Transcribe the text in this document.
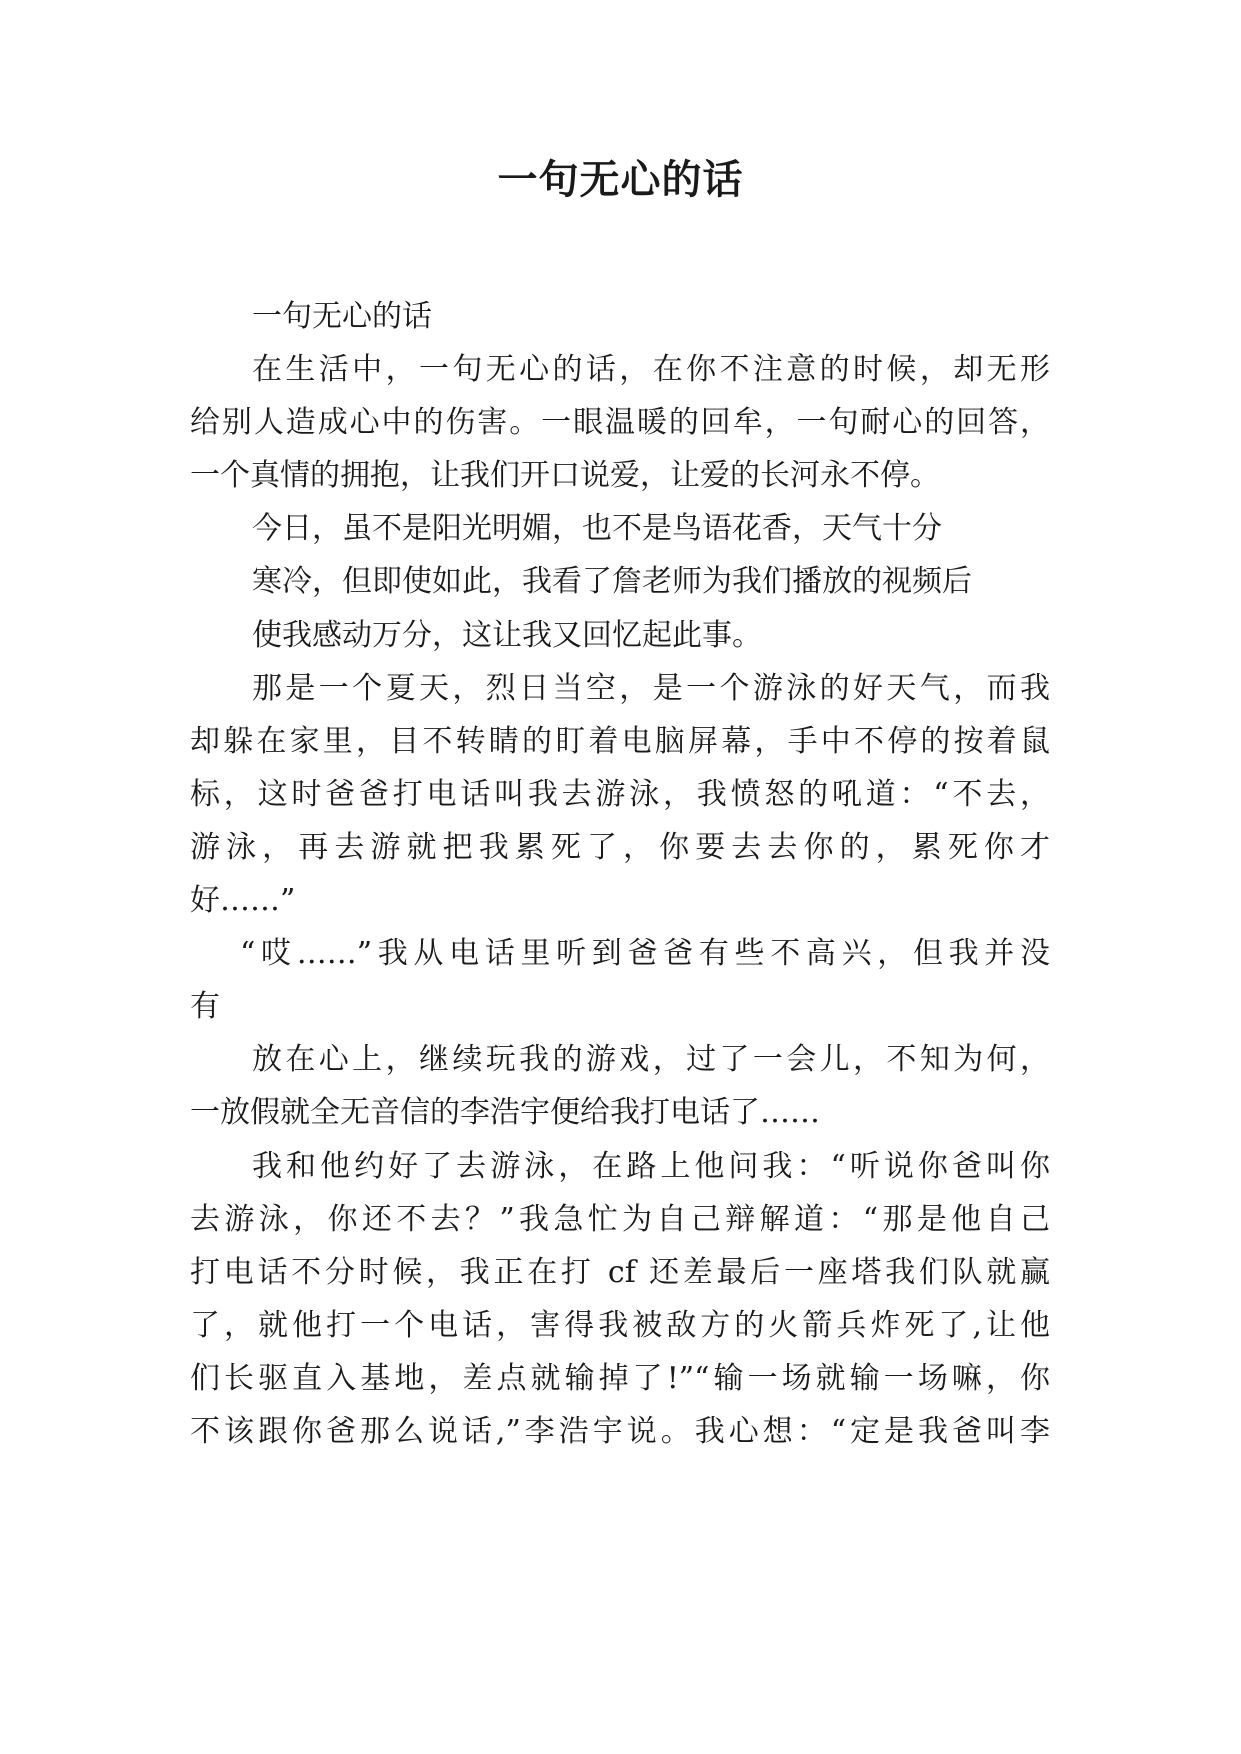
一句无心的话
一句无心的话
在生活中，一句无心的话，在你不注意的时候，却无形
给别人造成心中的伤害。一眼温暖的回牟，一句耐心的回答，
一个真情的拥抱，让我们开口说爱，让爱的长河永不停。
今日，虽不是阳光明媚，也不是鸟语花香，天气十分
寒冷，但即使如此，我看了詹老师为我们播放的视频后
使我感动万分，这让我又回忆起此事。
那是一个夏天，烈日当空，是一个游泳的好天气，而我
却躲在家里，目不转睛的盯着电脑屏幕，手中不停的按着鼠
标，这时爸爸打电话叫我去游泳，我愤怒的吼道：“不去，
游泳，再去游就把我累死了，你要去去你的，累死你才
好……”
“哎……”我从电话里听到爸爸有些不高兴，但我并没
有
放在心上，继续玩我的游戏，过了一会儿，不知为何，
一放假就全无音信的李浩宇便给我打电话了……
我和他约好了去游泳，在路上他问我：“听说你爸叫你
去游泳，你还不去？”我急忙为自己辩解道：“那是他自己
打电话不分时候，我正在打 cf 还差最后一座塔我们队就赢
了，就他打一个电话，害得我被敌方的火箭兵炸死了,让他
们长驱直入基地，差点就输掉了!”“输一场就输一场嘛，你
不该跟你爸那么说话,”李浩宇说。我心想：“定是我爸叫李
